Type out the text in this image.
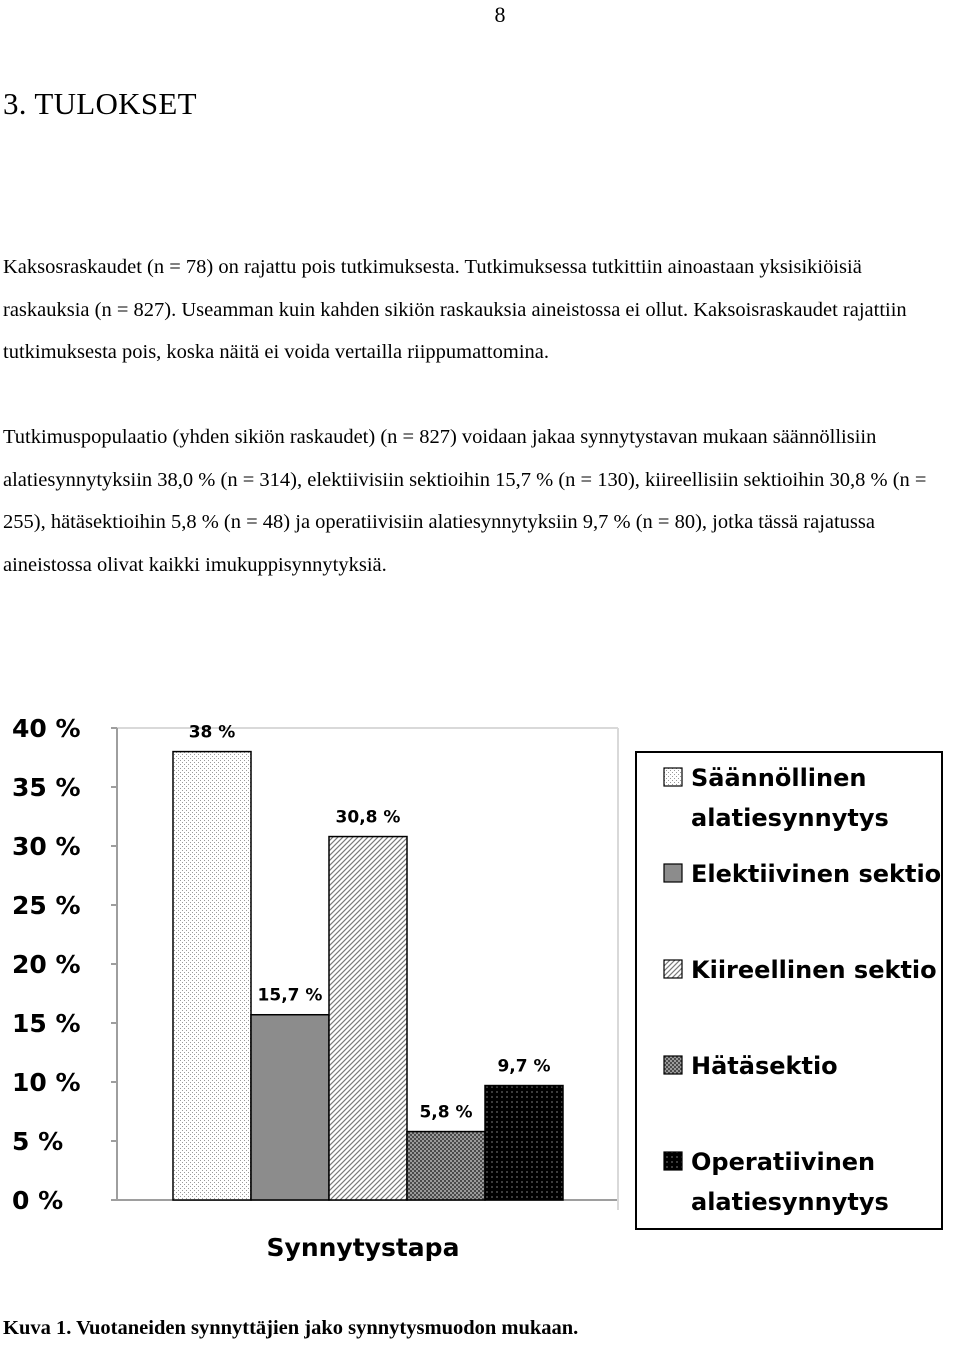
8
3. TULOKSET

Kaksosraskaudet (n = 78) on rajattu pois tutkimuksesta. Tutkimuksessa tutkittiin ainoastaan yksisikiöisiä raskauksia (n = 827). Useamman kuin kahden sikiön raskauksia aineistossa ei ollut. Kaksoisraskaudet rajattiin tutkimuksesta pois, koska näitä ei voida vertailla riippumattomina.

Tutkimuspopulaatio (yhden sikiön raskaudet) (n = 827) voidaan jakaa synnytystavan mukaan säännöllisiin alatiesynnytyksiin 38,0 % (n = 314), elektiivisiin sektioihin 15,7 % (n = 130), kiireellisiin sektioihin 30,8 % (n = 255), hätäsektioihin 5,8 % (n = 48) ja operatiivisiin alatiesynnytyksiin 9,7 % (n = 80), jotka tässä rajatussa aineistossa olivat kaikki imukuppisynnytyksiä.

0 %
5 %
10 %
15 %
20 %
25 %
30 %
35 %
40 %	38 %
15,7 %
30,8 %
5,8 %
9,7 %
Synnytystapa
Säännöllinen
alatiesynnytys
Elektiivinen sektio
Kiireellinen sektio
Hätäsektio
Operatiivinen
alatiesynnytys

Kuva 1. Vuotaneiden synnyttäjien jako synnytysmuodon mukaan.
